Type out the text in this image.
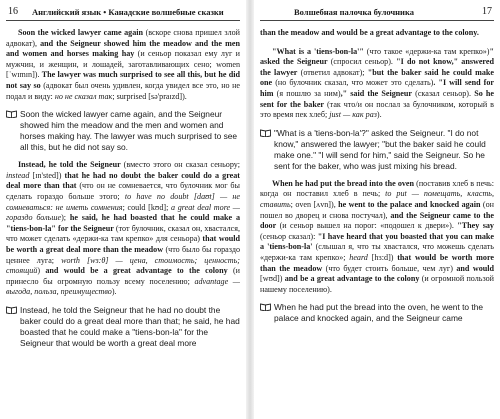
16 Английский язык • Канадские волшебные сказки

Soon the wicked lawyer came again (вскоре снова пришел злой адвокат), and the Seigneur showed him the meadow and the men and women and horses making hay (и сеньор показал ему луг и мужчин, и женщин, и лошадей, заготавливающих сено; women [ˈwɪmɪn]). The lawyer was much surprised to see all this, but he did not say so (адвокат был очень удивлен, когда увидел все это, но не подал и виду: но не сказал так; surprised [sə'praɪzd]).

Soon the wicked lawyer came again, and the Seigneur showed him the meadow and the men and women and horses making hay. The lawyer was much surprised to see all this, but he did not say so.

Instead, he told the Seigneur (вместо этого он сказал сеньору; instead [ɪn'sted]) that he had no doubt the baker could do a great deal more than that (что он не сомневается, что булочник мог бы сделать гораздо больше этого; to have no doubt [daʊt] — не сомневаться: не иметь сомнения; could [kʊd]; a great deal more — гораздо больше); he said, he had boasted that he could make a "tiens-bon-la" for the Seigneur (тот булочник, сказал он, хвастался, что может сделать «держи-ка там крепко» для сеньора) that would be worth a great deal more than the meadow (что было бы гораздо ценнее луга; worth [wɜ:θ] — цена, стоимость; ценность; стоящий) and would be a great advantage to the colony (и принесло бы огромную пользу всему поселению; advantage — выгода, польза, преимущество).

Instead, he told the Seigneur that he had no doubt the baker could do a great deal more than that; he said, he had boasted that he could make a "tiens-bon-la" for the Seigneur that would be worth a great deal more

Волшебная палочка булочника	17

than the meadow and would be a great advantage to the colony.

"What is a 'tiens-bon-la'" (что такое «держи-ка там крепко»)" asked the Seigneur (спросил сеньор). "I do not know," answered the lawyer (ответил адвокат); "but the baker said he could make one (но булочник сказал, что может это сделать). "I will send for him (я пошлю за ним)," said the Seigneur (сказал сеньор). So he sent for the baker (так что/и он послал за булочником, который в это время пек хлеб; just — как раз).

"What is a 'tiens-bon-la'?" asked the Seigneur. "I do not know," answered the lawyer; "but the baker said he could make one." "I will send for him," said the Seigneur. So he sent for the baker, who was just mixing his bread.

When he had put the bread into the oven (поставив хлеб в печь: когда он поставил хлеб в печь; to put — помещать, класть, ставить; oven [ʌvn]), he went to the palace and knocked again (он пошел во дворец и снова постучал), and the Seigneur came to the door (и сеньор вышел на порог: «подошел к двери»). "They say (сеньор сказал): "I have heard that you boasted that you can make a 'tiens-bon-la' (слышал я, что ты хвастался, что можешь сделать «держи-ка там крепко»; heard [hɜ:d]) that would be worth more than the meadow (что будет стоить больше, чем луг) and would [wʊd]) and be a great advantage to the colony (и огромной пользой нашему поселению).

When he had put the bread into the oven, he went to the palace and knocked again, and the Seigneur came
